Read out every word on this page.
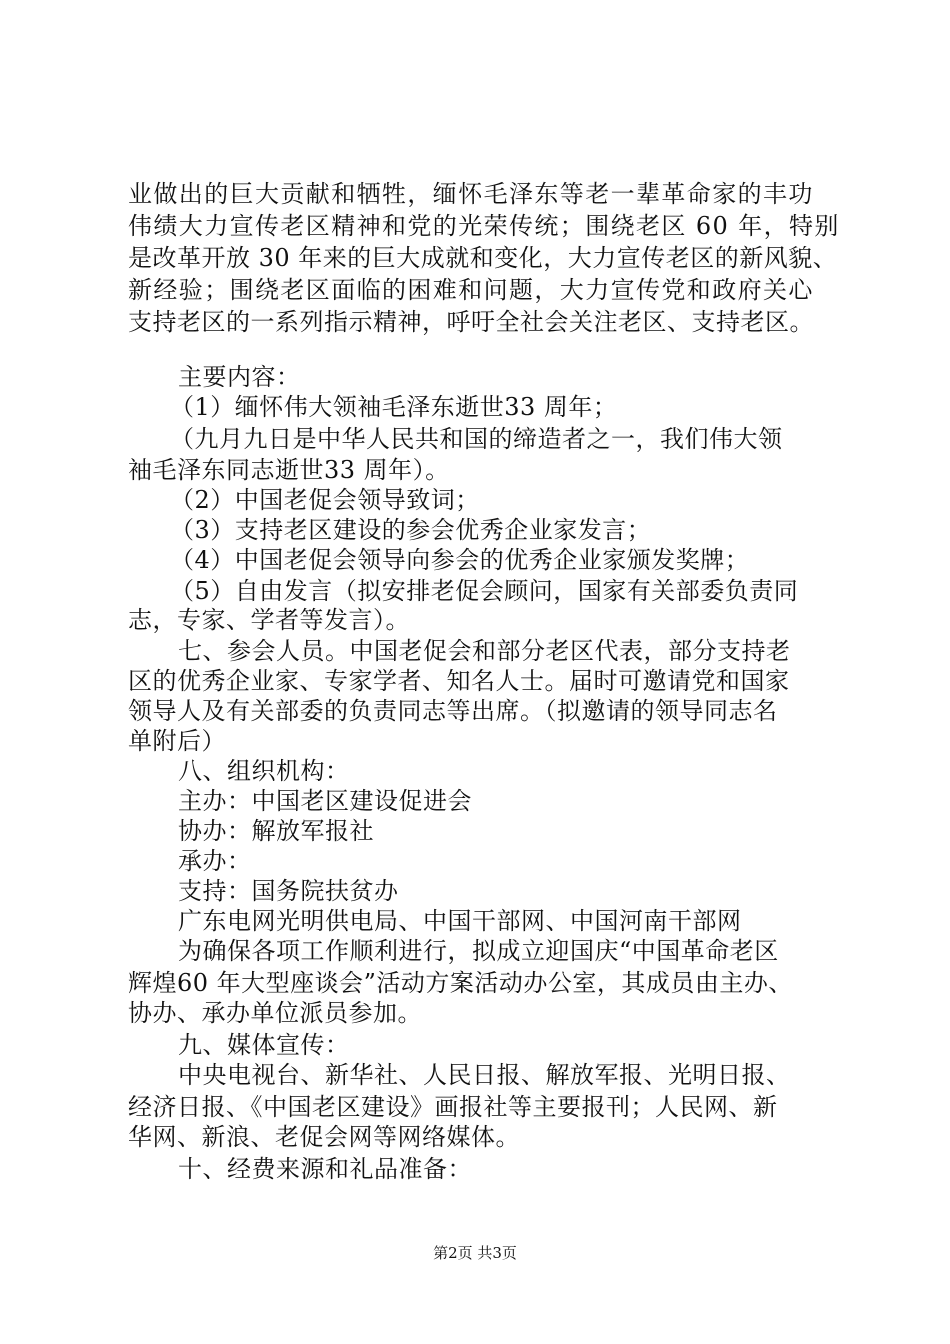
业做出的巨大贡献和牺牲，缅怀毛泽东等老一辈革命家的丰功
伟绩大力宣传老区精神和党的光荣传统；围绕老区 60 年，特别
是改革开放 30 年来的巨大成就和变化，大力宣传老区的新风貌、
新经验；围绕老区面临的困难和问题，大力宣传党和政府关心
支持老区的一系列指示精神，呼吁全社会关注老区、支持老区。
主要内容：
（1）缅怀伟大领袖毛泽东逝世33 周年；
（九月九日是中华人民共和国的缔造者之一，我们伟大领
袖毛泽东同志逝世33 周年）。
（2）中国老促会领导致词；
（3）支持老区建设的参会优秀企业家发言；
（4）中国老促会领导向参会的优秀企业家颁发奖牌；
（5）自由发言（拟安排老促会顾问，国家有关部委负责同
志，专家、学者等发言）。
七、参会人员。中国老促会和部分老区代表，部分支持老
区的优秀企业家、专家学者、知名人士。届时可邀请党和国家
领导人及有关部委的负责同志等出席。（拟邀请的领导同志名
单附后）
八、组织机构：
主办：中国老区建设促进会
协办：解放军报社
承办：
支持：国务院扶贫办
广东电网光明供电局、中国干部网、中国河南干部网
为确保各项工作顺利进行，拟成立迎国庆“中国革命老区
辉煌60 年大型座谈会”活动方案活动办公室，其成员由主办、
协办、承办单位派员参加。
九、媒体宣传：
中央电视台、新华社、人民日报、解放军报、光明日报、
经济日报、《中国老区建设》画报社等主要报刊；人民网、新
华网、新浪、老促会网等网络媒体。
十、经费来源和礼品准备：
第2页 共3页
